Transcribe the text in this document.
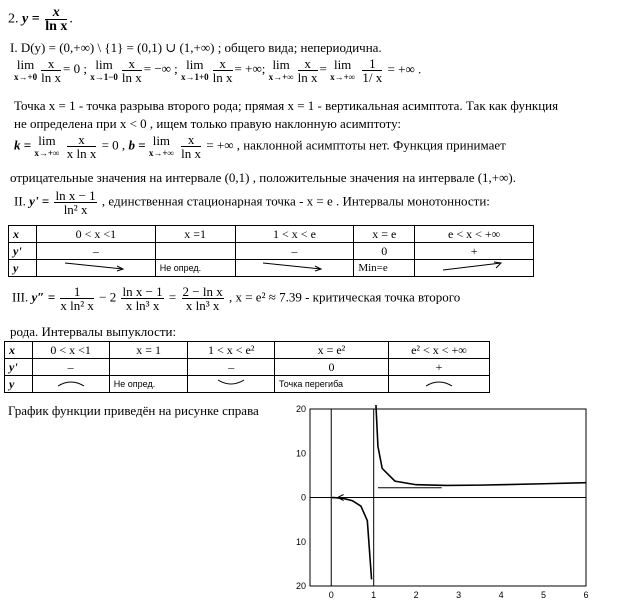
2. $y = \frac{x}{\text{ln x}}$ .
I. D(y) = (0,+∞) \ {1} = (0,1) ∪ (1,+∞) ; общего вида; непериодична.
lim
$x\to+0 \frac{x}{\text{ln x}} = 0$ ; lim
$x\to 1-0 \frac{x}{\text{ln x}}$ = −∞ ; lim
$x\to 1+0 \frac{x}{\text{ln x}}$ = +∞; lim
$x\to+\infty \frac{x}{\text{ln x}} = \lim$
x→+∞
$\frac{1}{1/ x}$ = +∞ .
Точка x = 1 - точка разрыва второго рода; прямая x = 1 - вертикальная асимптота. Так как функция
не определена при x < 0 , ищем только правую наклонную асимптоту:
k = lim
x→+∞
$\frac{x}{\text{x ln x}} = 0$ , b = lim
x→+∞
$\frac{x}{\text{ln x}}$ = +∞ , наклонной асимптоты нет. Функция принимает
отрицательные значения на интервале (0,1) , положительные значения на интервале (1,+∞).
II. $y' = \frac{\text{ln x − 1}}{\text{ln² x}}$ , единственная стационарная точка - x = e . Интервалы монотонности:
x	0 < x <1	x =1	1 < x < e	x = e	e < x < +∞
y'	–		–	0	+
y		Не опред.		Min=e	
III. $y'' = \frac{1}{\text{x ln² x}} - 2 \frac{\text{ln x − 1}}{\text{x ln³ x}} = \frac{\text{2 − ln x}}{\text{x ln³ x}}$ , x = e² ≈ 7.39 - критическая точка второго
рода. Интервалы выпуклости:
x	0 < x <1	x = 1	1 < x < e²	x = e²	e² < x < +∞
y'	–		–	0	+
y		Не опред.		Точка перегиба	
График функции приведён на рисунке справа	20
10
0
10
20
0	1	2	3	4	5	6
